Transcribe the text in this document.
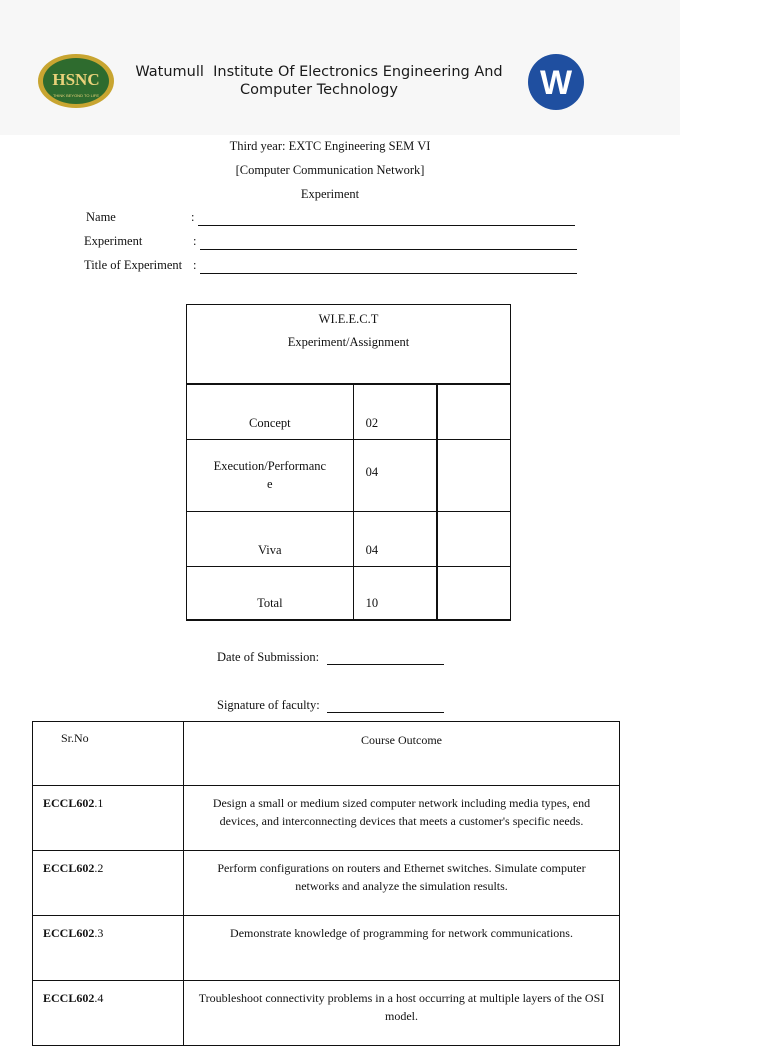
HSNC
THINK BEYOND TO LIFE
Watumull  Institute Of Electronics Engineering And
Computer Technology	W
Third year: EXTC Engineering SEM VI
[Computer Communication Network]
Experiment
Name	:
Experiment	:
Title of Experiment :
WI.E.E.C.T
Experiment/Assignment		

Concept	02	

Execution/Performanc
e	04	
Viva	04	
Total	10	
Date of Submission:
Signature of faculty:
Sr.No	Course Outcome
ECCL602.1	Design a small or medium sized computer network including media types, end devices, and interconnecting devices that meets a customer's specific needs.
ECCL602.2	Perform configurations on routers and Ethernet switches. Simulate computer networks and analyze the simulation results.
ECCL602.3	Demonstrate knowledge of programming for network communications.
ECCL602.4	Troubleshoot connectivity problems in a host occurring at multiple layers of the OSI model.
